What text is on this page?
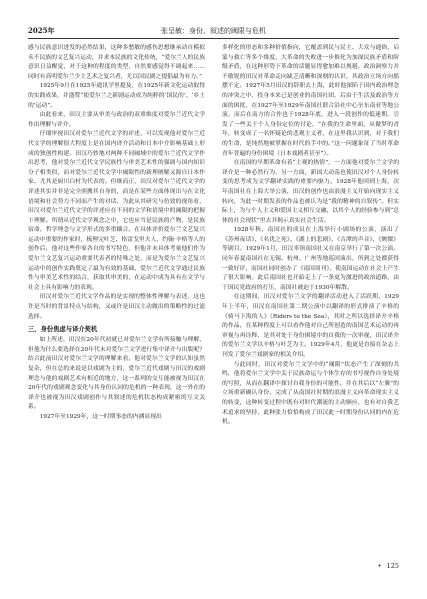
2025年	张呈敏：身份、叙述的阈限与危机

感与民族意识进发的必然结果，这种多愁敏的感伤思想继承动自模拟永不民族的文艺复兴运动，并求本民族的文化传统，“爱尔兰人的民族意识日益醒觉，对于这种的程度的类型，自然要感觉得不调起来……同时有高明爱尔兰少主艺术之复兴者，尤以国民剧之提倡最为有力。”

1925年9月在1925年通讯学里提及，在1925年新文化运动取得的实践成果，并盛赞“使爱尔兰之新剧运动成为纯粹的‘国民的’、‘乡土的’运动”。

由此看来，田汉主要从审美与政治的双重维度对爱尔兰近代文学作出理解与评介。

仔细审视田汉对爱尔兰近代文学的评述，可以发现他对爱尔兰近代文学的理解很大程度上是在国内译介活动和日本中介影响基础上形成的独创性构建。田汉巧妙地对两种不同阈域中的爱尔兰近代文学作出思考，他对爱尔兰近代文学民族性与审美艺术性的强调与国内知识分子相类似，而对爱尔兰近代文学中阈限性的新理阐解又源自日本作家、尤其是厨川白村为代表的。但继而正，田汉对爱尔兰近代文学的评述其实并非是完全照搬其自身的，而是在某些方面体现出与在文化语境和社会势力不同而产生的对话，为此从其研究与仿效的视角看，田汉对爱尔兰近代文学的评述应在不同的文学和语境中的阈限的把握下理解。所谓从近代文学观念之中，它也应当是民族的产物，是民族宿命、哲学理念与文学形式的多重耦合。在具体评价爱尔兰文艺复兴运动中重要的作家时，梳理完叶芝、格雷戈里夫人、约翰·辛格等人的创作后，他对这些作家各自的书写特色，但他并未具体考量他们作为爱尔兰文艺复兴运动重要代表者的特殊之处，而是为爱尔兰文艺复兴运动中的创作实践奠定了最为有效的基础，爱尔兰近代文学通过民族性与审美艺术性的结合，获取其审美的，在运动中成为具有在文学与社会上具有影响力的表现。

田汉对爱尔兰近代文学作品的是实现的整体性理解与表述，这也许是当时的背景特点与结构，又或许是田汉主动做出的策略性的过滤选择。

三、身份焦虑与译介契机

如上所述，田汉在20年代初就已对爱尔兰文学有所接触与理解，但他为什么要选择在20年代末对爱尔兰文学进行集中译介与出版呢？结合此前田汉对爱尔兰文学的理解来看，他对爱尔兰文学的认知虽然复杂，但在总的来说是以戏剧为主的，爱尔兰近代戏剧与田汉的戏剧理念与他的戏剧艺术有相近的地方，这一系列的交互能被视为田汉在20年代的戏剧观念变化与其身份认同的危机的一种表现，这一外在的译介也被视为田汉戏剧创作与其叙述的危机状态构成紧密的互文关系。

1927年至1929年，这一时期事态的内涵显现出

多样化的形态和多种价值指向，它覆盖到民与民主、大众与通俗、启蒙与救亡等多个维度，大革命的失败进一步推化为加深民族矛盾和阶级矛盾，在这种形势下革命的话题显得愈加难以规避。政治洞察力并不敏锐的田汉对革命走向缺乏清晰和深刻的认识，其政治立场方向摇摆不定。1927年5月田汉的辞职去上海，此时他深陷于国内政治理念的冲突之中，投身本来已是创业的南国社团，后由于生活及政治等方面的困扰，在1927年至1929年南国社联合沿社中心至东南亚等地公演，而后在南方的合作也于1928年底，进入一段创作的低迷期，引发了一些关于个人身份定位的讨论，“在我的生命里面，从做梦的青年，转变成了一名怀疑论的悲观主义者，在这里我认识到，对于我们的生命，是纯然地被掌握在时代的手中的。”这一问题象征了当时革命青年普遍的身份困境（日本戏剧者甚至”）。

在南国的早期革命有着“主观的热情”，一方面他对爱尔兰文学的译介是一种必然行为，另一方面，新国大动荡也使田汉对个人身份转变的思考成为文学翻译实践的重要内驱力。1928年他回到上海，次年南国社在上海大举公演，田汉的创作也由浪漫主义开始向现实主义转向，为此一时期发表的作品也被认为是“我的精神的自叙传”。但实际上，为与个人主义和爱国主义相互交融，以其个人的经验参与到“总体的社会现状”里去并揭示真实社会生活。

1928年秋，南国社的成员在上海举行小剧场的公演，演出了《苏州夜话》、《名优之死》、《湖上的悲剧》、《古潭的声音》、《颤慄》等剧目。1929年1月，田汉率领南国社又在南京举行了第一次公演。同年春夏南国社在无锡、杭州、广州等地巡回演出，所到之处都获得一致好评，南国社同时创办了《南国周刊》，使南国运动在社会上产生了很大影响。此后南国社也开始走上了一条更为激进的政治道路，由于国民党政府的打压，南国社被迫于1930年解散。

在这期间，田汉对爱尔兰文学的翻译活动进入了活跃期，1929年上半年，田汉在南国社第二期公演中以翻译的形式排演了辛格的《骑马下海的人》（Riders to the Sea），其时之所以选择译介辛格的作品，在某种程度上可以看作他对自己所创造的南国艺术运动的再审视与再诠释，是其对处于身份困境中的自我的一次审视，田汉译介的爱尔兰文学以辛格与叶芝为主。1929年4月，他更是直接在杂志上刊发了爱尔兰戏剧家的相关介绍。

与此同时，田汉对爱尔兰文学中的“阈限”状态产生了深刻的共鸣，他将爱尔兰文学中关于民族命运与个体生存的书写视作自身处境的写照，从而在翻译中探讨自我身份的可能性，并在其后以“左翼”的立场重新确认身份，完成了从南国社时期的浪漫主义向革命现实主义的转变，这种转变过程中既有对时代潮流的主动顺应，也有对自我艺术追求的坚持，此种张力恰恰构成了田汉此一时期身份认同的内在危机。

• 125
